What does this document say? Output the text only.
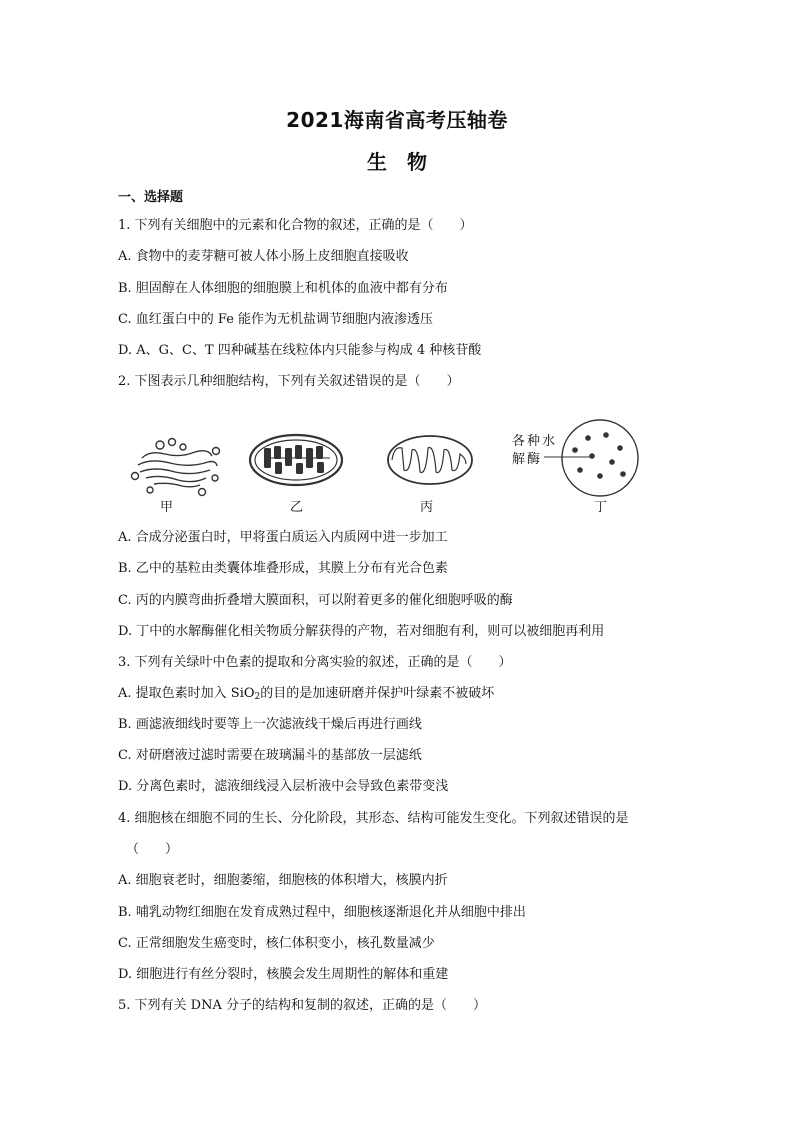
2021海南省高考压轴卷
生　物
一、选择题
1. 下列有关细胞中的元素和化合物的叙述，正确的是（　　）
A. 食物中的麦芽糖可被人体小肠上皮细胞直接吸收
B. 胆固醇在人体细胞的细胞膜上和机体的血液中都有分布
C. 血红蛋白中的 Fe 能作为无机盐调节细胞内液渗透压
D. A、G、C、T 四种碱基在线粒体内只能参与构成 4 种核苷酸
2. 下图表示几种细胞结构，下列有关叙述错误的是（　　）
甲	乙	丙	丁
各种水
解酶
A. 合成分泌蛋白时，甲将蛋白质运入内质网中进一步加工
B. 乙中的基粒由类囊体堆叠形成，其膜上分布有光合色素
C. 丙的内膜弯曲折叠增大膜面积，可以附着更多的催化细胞呼吸的酶
D. 丁中的水解酶催化相关物质分解获得的产物，若对细胞有利，则可以被细胞再利用
3. 下列有关绿叶中色素的提取和分离实验的叙述，正确的是（　　）
A. 提取色素时加入 SiO$_2$的目的是加速研磨并保护叶绿素不被破坏
B. 画滤液细线时要等上一次滤液线干燥后再进行画线
C. 对研磨液过滤时需要在玻璃漏斗的基部放一层滤纸
D. 分离色素时，滤液细线浸入层析液中会导致色素带变浅
4. 细胞核在细胞不同的生长、分化阶段，其形态、结构可能发生变化。下列叙述错误的是
（　　）
A. 细胞衰老时，细胞萎缩，细胞核的体积增大，核膜内折
B. 哺乳动物红细胞在发育成熟过程中，细胞核逐渐退化并从细胞中排出
C. 正常细胞发生癌变时，核仁体积变小，核孔数量减少
D. 细胞进行有丝分裂时，核膜会发生周期性的解体和重建
5. 下列有关 DNA 分子的结构和复制的叙述，正确的是（　　）
